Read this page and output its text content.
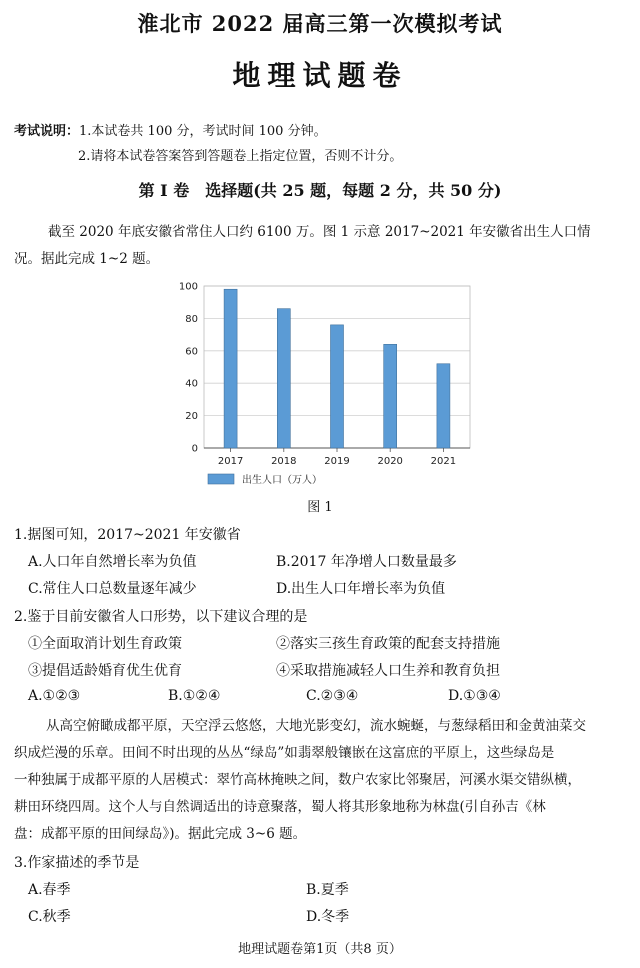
淮北市 2022 届高三第一次模拟考试
地理试题卷
考试说明：1.本试卷共 100 分，考试时间 100 分钟。
2.请将本试卷答案答到答题卷上指定位置，否则不计分。
第 I 卷　选择题(共 25 题，每题 2 分，共 50 分)
截至 2020 年底安徽省常住人口约 6100 万。图 1 示意 2017~2021 年安徽省出生人口情
况。据此完成 1~2 题。
0
20
40
60
80
100
2017	2018	2019	2020	2021
出生人口（万人）
图 1
1.据图可知，2017~2021 年安徽省
A.人口年自然增长率为负值	B.2017 年净增人口数量最多
C.常住人口总数量逐年减少	D.出生人口年增长率为负值
2.鉴于目前安徽省人口形势，以下建议合理的是
①全面取消计划生育政策	②落实三孩生育政策的配套支持措施
③提倡适龄婚育优生优育	④采取措施减轻人口生养和教育负担
A.①②③	B.①②④	C.②③④	D.①③④
从高空俯瞰成都平原，天空浮云悠悠，大地光影变幻，流水蜿蜒，与葱绿稻田和金黄油菜交
织成烂漫的乐章。田间不时出现的丛丛“绿岛”如翡翠般镶嵌在这富庶的平原上，这些绿岛是
一种独属于成都平原的人居模式：翠竹高林掩映之间，数户农家比邻聚居，河溪水渠交错纵横，
耕田环绕四周。这个人与自然调适出的诗意聚落，蜀人将其形象地称为林盘(引自孙吉《林
盘：成都平原的田间绿岛》)。据此完成 3~6 题。
3.作家描述的季节是
A.春季	B.夏季
C.秋季	D.冬季
地理试题卷第1页（共8 页）
